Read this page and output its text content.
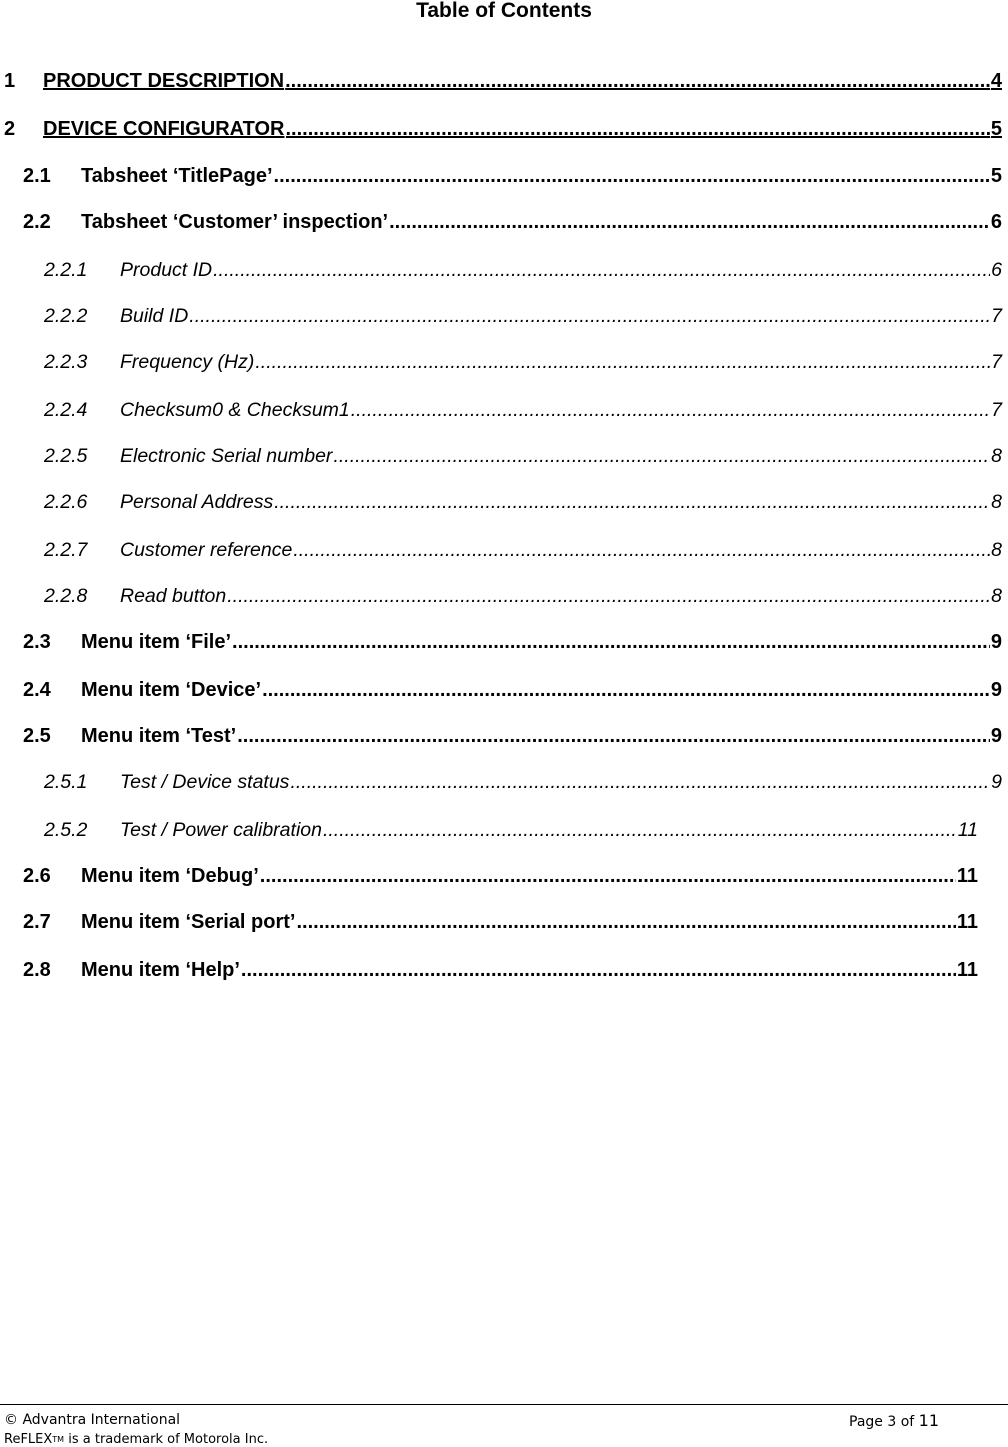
Table of Contents
1	PRODUCT DESCRIPTION .....	4
2	DEVICE CONFIGURATOR .....	5
2.1	Tabsheet ‘TitlePage’ .....	5
2.2	Tabsheet ‘Customer’ inspection’ .....	6
2.2.1	Product ID .....	6
2.2.2	Build ID .....	7
2.2.3	Frequency (Hz) .....	7
2.2.4	Checksum0 & Checksum1 .....	7
2.2.5	Electronic Serial number .....	8
2.2.6	Personal Address .....	8
2.2.7	Customer reference .....	8
2.2.8	Read button .....	8
2.3	Menu item ‘File’ .....	9
2.4	Menu item ‘Device’ .....	9
2.5	Menu item ‘Test’ .....	9
2.5.1	Test / Device status .....	9
2.5.2	Test / Power calibration .....	11
2.6	Menu item ‘Debug’ .....	11
2.7	Menu item ‘Serial port’ .....	11
2.8	Menu item ‘Help’ .....	11
© Advantra International	Page 3 of 11
ReFLEXTM is a trademark of Motorola Inc.
